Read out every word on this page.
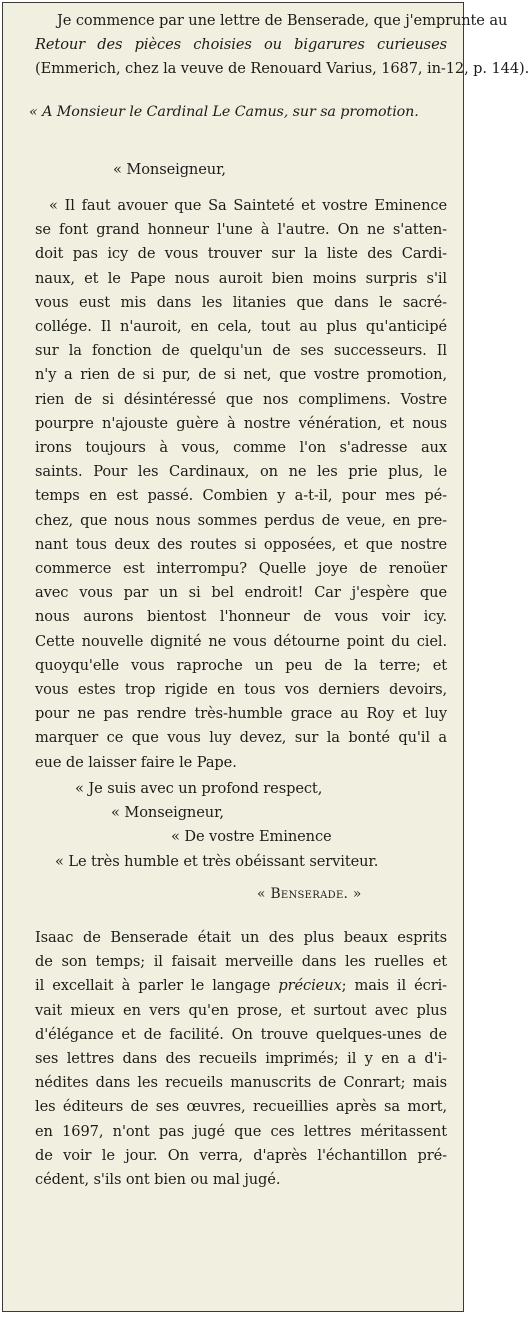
Je commence par une lettre de Benserade, que j'emprunte au
Retour des pièces choisies ou bigarures curieuses
(Emmerich, chez la veuve de Renouard Varius, 1687, in-12, p. 144).

« A Monsieur le Cardinal Le Camus, sur sa promotion.

« Monseigneur,

« Il faut avouer que Sa Sainteté et vostre Eminence
se font grand honneur l'une à l'autre. On ne s'atten-
doit pas icy de vous trouver sur la liste des Cardi-
naux, et le Pape nous auroit bien moins surpris s'il
vous eust mis dans les litanies que dans le sacré-
collége. Il n'auroit, en cela, tout au plus qu'anticipé
sur la fonction de quelqu'un de ses successeurs. Il
n'y a rien de si pur, de si net, que vostre promotion,
rien de si désintéressé que nos complimens. Vostre
pourpre n'ajouste guère à nostre vénération, et nous
irons toujours à vous, comme l'on s'adresse aux
saints. Pour les Cardinaux, on ne les prie plus, le
temps en est passé. Combien y a-t-il, pour mes pé-
chez, que nous nous sommes perdus de veue, en pre-
nant tous deux des routes si opposées, et que nostre
commerce est interrompu? Quelle joye de renoüer
avec vous par un si bel endroit! Car j'espère que
nous aurons bientost l'honneur de vous voir icy.
Cette nouvelle dignité ne vous détourne point du ciel.
quoyqu'elle vous raproche un peu de la terre; et
vous estes trop rigide en tous vos derniers devoirs,
pour ne pas rendre très-humble grace au Roy et luy
marquer ce que vous luy devez, sur la bonté qu'il a
eue de laisser faire le Pape.

« Je suis avec un profond respect,

« Monseigneur,

« De vostre Eminence

« Le très humble et très obéissant serviteur.

« Benserade. »

Isaac de Benserade était un des plus beaux esprits
de son temps; il faisait merveille dans les ruelles et
il excellait à parler le langage précieux; mais il écri-
vait mieux en vers qu'en prose, et surtout avec plus
d'élégance et de facilité. On trouve quelques-unes de
ses lettres dans des recueils imprimés; il y en a d'i-
nédites dans les recueils manuscrits de Conrart; mais
les éditeurs de ses œuvres, recueillies après sa mort,
en 1697, n'ont pas jugé que ces lettres méritassent
de voir le jour. On verra, d'après l'échantillon pré-
cédent, s'ils ont bien ou mal jugé.
